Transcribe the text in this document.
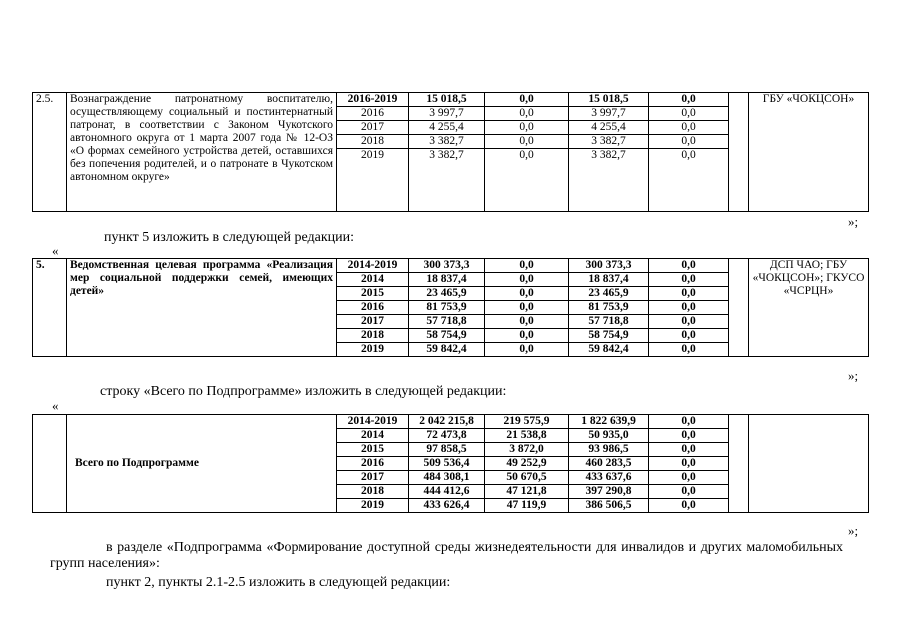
2.5.	Вознаграждение патронатному воспитателю, осуществляющему социальный и постинтернатный патронат, в соответствии с Законом Чукотского автономного округа от 1 марта 2007 года № 12-ОЗ «О формах семейного устройства детей, оставшихся без попечения родителей, и о патронате в Чукотском автономном округе»	2016-2019	15 018,5	0,0	15 018,5	0,0		ГБУ «ЧОКЦСОН»
		2016	3 997,7	0,0	3 997,7	0,0		
		2017	4 255,4	0,0	4 255,4	0,0		
		2018	3 382,7	0,0	3 382,7	0,0		
		2019	3 382,7	0,0	3 382,7	0,0		
»;
пункт 5 изложить в следующей редакции:
«
5.	Ведомственная целевая программа «Реализация мер социальной поддержки семей, имеющих детей»	2014-2019	300 373,3	0,0	300 373,3	0,0		ДСП ЧАО; ГБУ «ЧОКЦСОН»; ГКУСО «ЧСРЦН»
		2014	18 837,4	0,0	18 837,4	0,0		
		2015	23 465,9	0,0	23 465,9	0,0		
		2016	81 753,9	0,0	81 753,9	0,0		
		2017	57 718,8	0,0	57 718,8	0,0		
		2018	58 754,9	0,0	58 754,9	0,0		
		2019	59 842,4	0,0	59 842,4	0,0		
»;
строку «Всего по Подпрограмме» изложить в следующей редакции:
«
	Всего по Подпрограмме	2014-2019	2 042 215,8	219 575,9	1 822 639,9	0,0		
		2014	72 473,8	21 538,8	50 935,0	0,0		
		2015	97 858,5	3 872,0	93 986,5	0,0		
		2016	509 536,4	49 252,9	460 283,5	0,0		
		2017	484 308,1	50 670,5	433 637,6	0,0		
		2018	444 412,6	47 121,8	397 290,8	0,0		
		2019	433 626,4	47 119,9	386 506,5	0,0		
»;
в разделе «Подпрограмма «Формирование доступной среды жизнедеятельности для инвалидов и других маломобильных групп населения»:
пункт 2, пункты 2.1-2.5 изложить в следующей редакции:
